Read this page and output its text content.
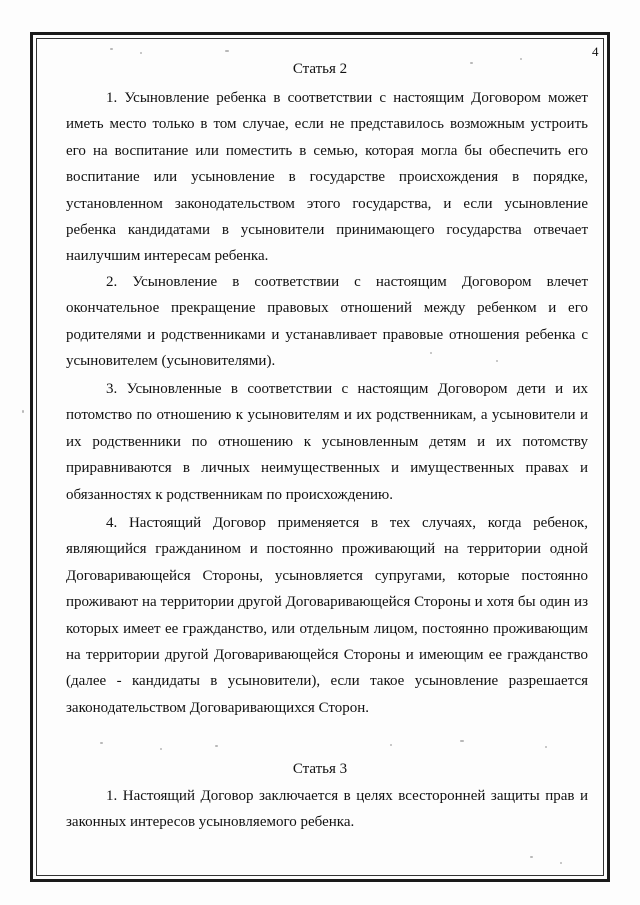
4
Статья 2

1. Усыновление ребенка в соответствии с настоящим Договором может иметь место только в том случае, если не представилось возможным устроить его на воспитание или поместить в семью, которая могла бы обеспечить его воспитание или усыновление в государстве происхождения в порядке, установленном законодательством этого государства, и если усыновление ребенка кандидатами в усыновители принимающего государства отвечает наилучшим интересам ребенка.

2. Усыновление в соответствии с настоящим Договором влечет окончательное прекращение правовых отношений между ребенком и его родителями и родственниками и устанавливает правовые отношения ребенка с усыновителем (усыновителями).

3. Усыновленные в соответствии с настоящим Договором дети и их потомство по отношению к усыновителям и их родственникам, а усыновители и их родственники по отношению к усыновленным детям и их потомству приравниваются в личных неимущественных и имущественных правах и обязанностях к родственникам по происхождению.

4. Настоящий Договор применяется в тех случаях, когда ребенок, являющийся гражданином и постоянно проживающий на территории одной Договаривающейся Стороны, усыновляется супругами, которые постоянно проживают на территории другой Договаривающейся Стороны и хотя бы один из которых имеет ее гражданство, или отдельным лицом, постоянно проживающим на территории другой Договаривающейся Стороны и имеющим ее гражданство (далее - кандидаты в усыновители), если такое усыновление разрешается законодательством Договаривающихся Сторон.

Статья 3

1. Настоящий Договор заключается в целях всесторонней защиты прав и законных интересов усыновляемого ребенка.
